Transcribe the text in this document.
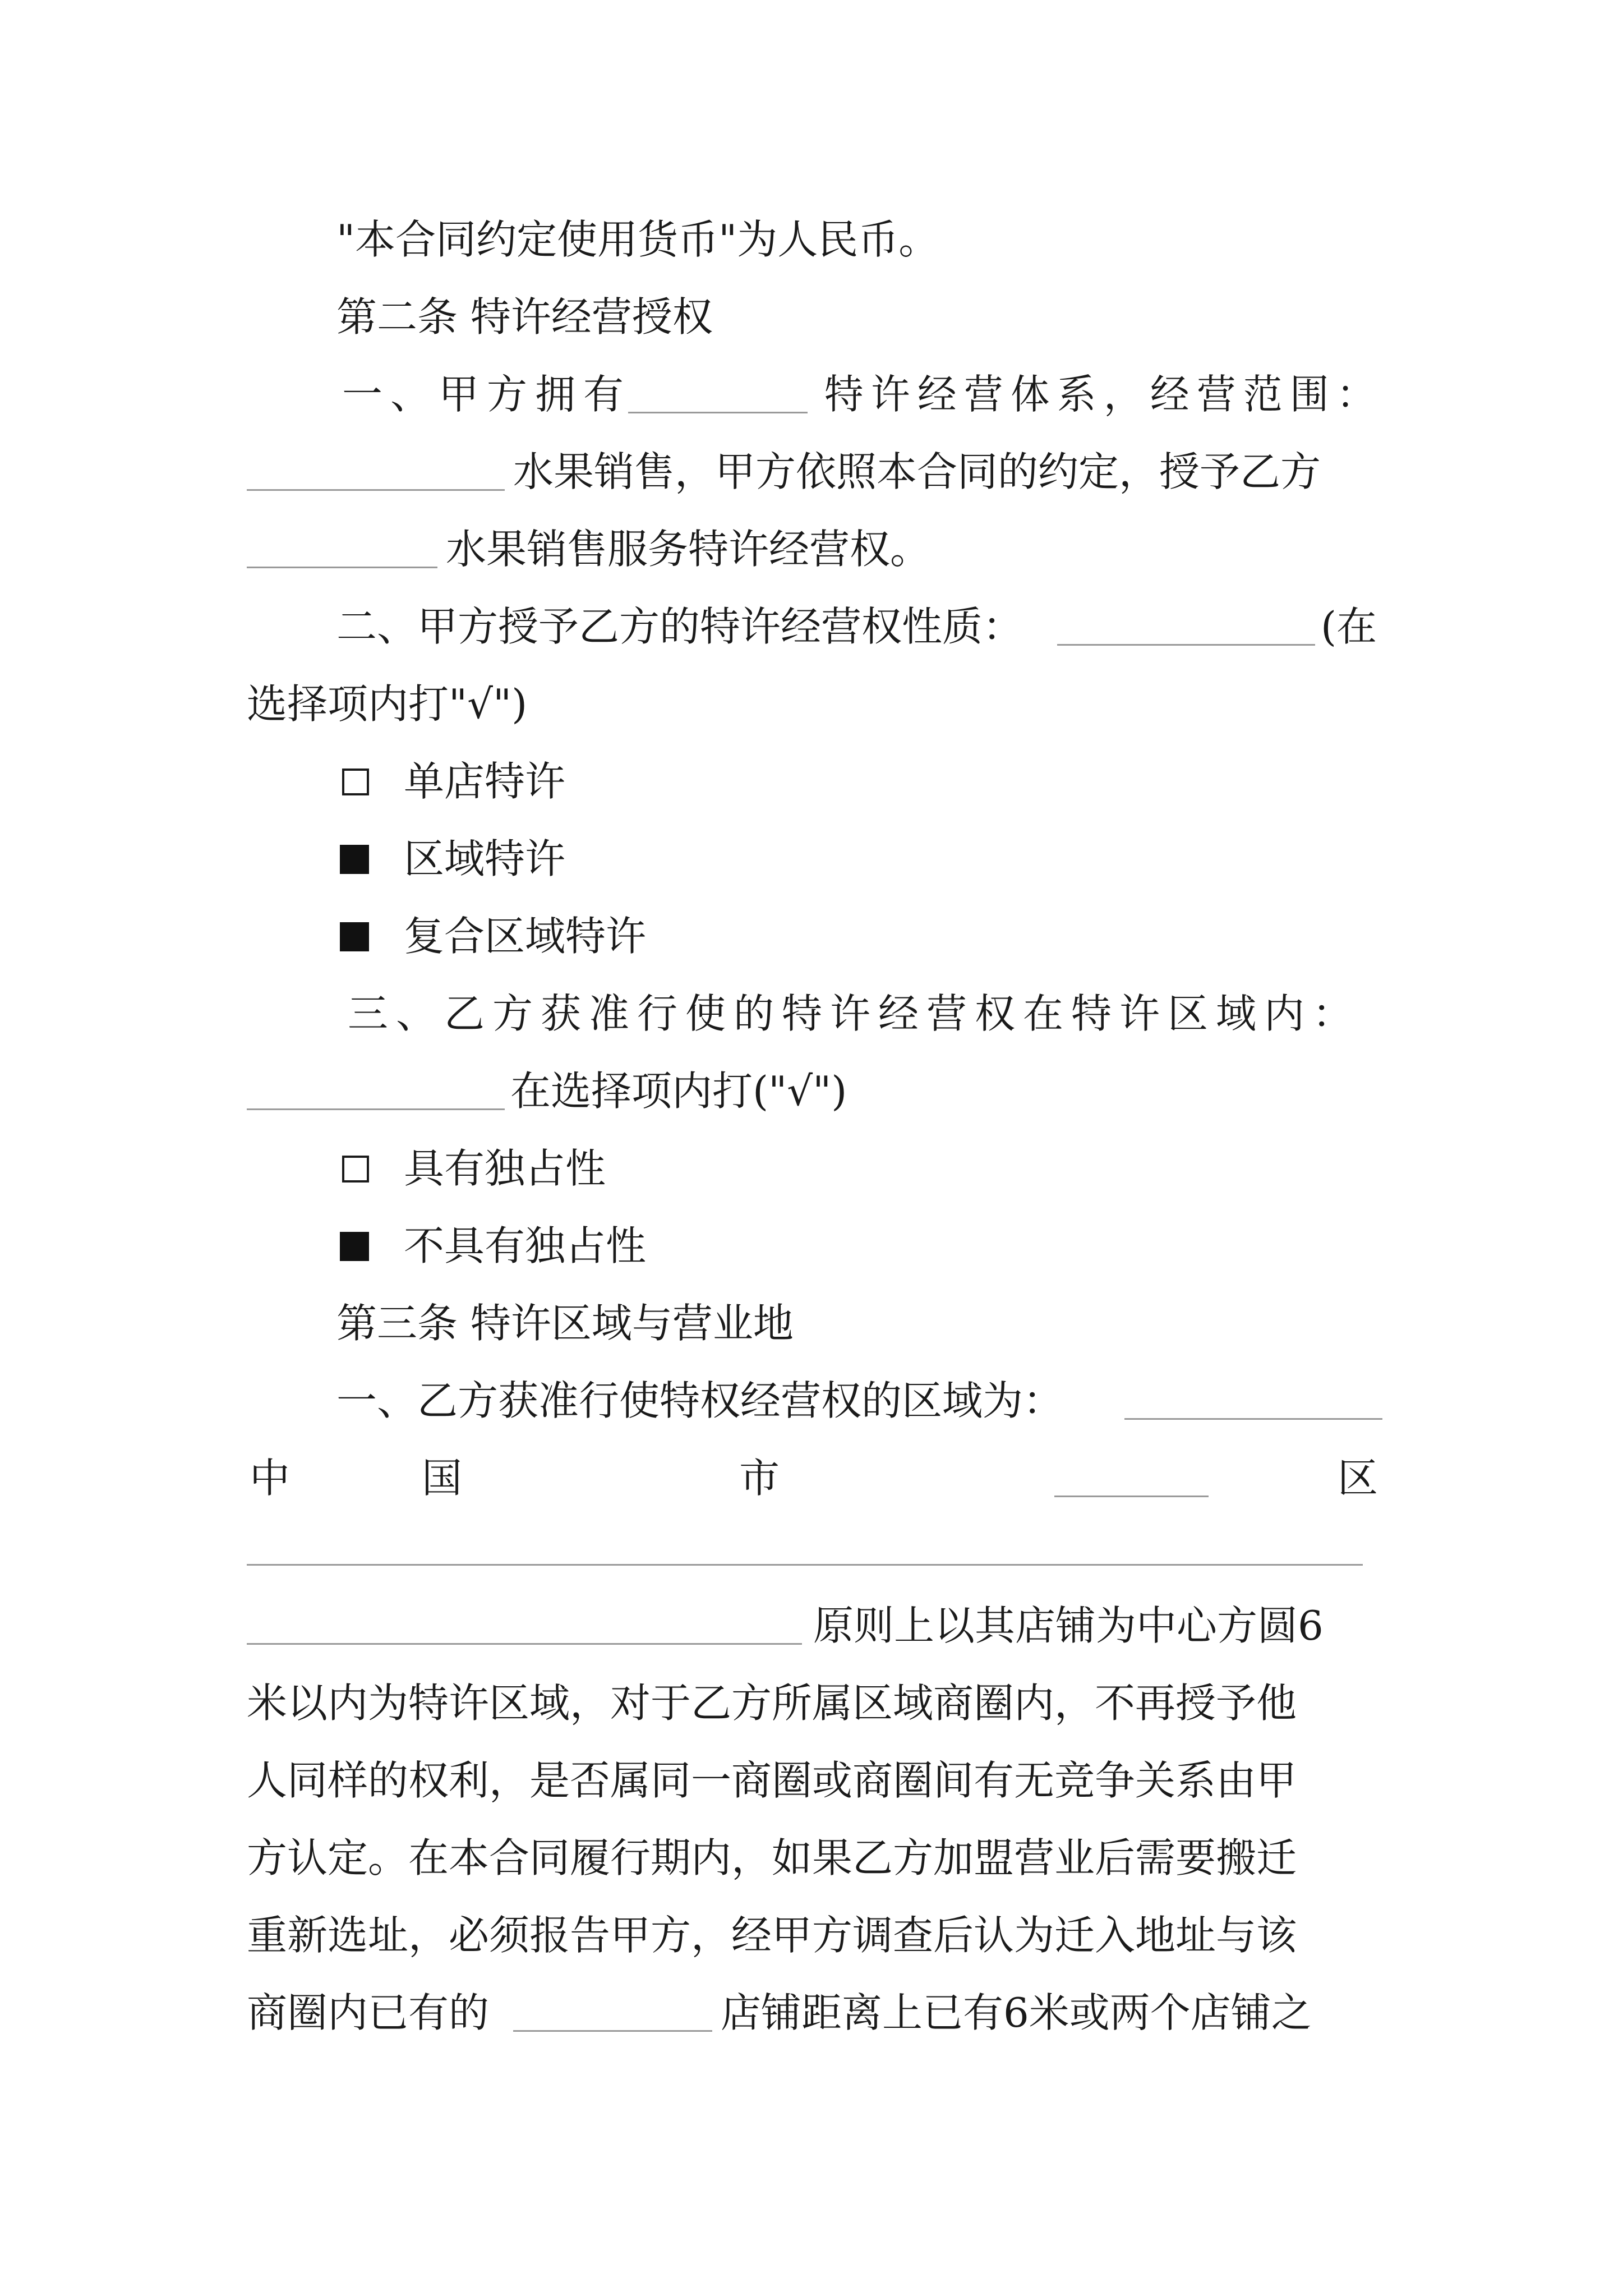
"本合同约定使用货币"为人民币。
第二条 特许经营授权
一、甲方拥有	特许经营体系，经营范围：
水果销售，甲方依照本合同的约定，授予乙方
水果销售服务特许经营权。
二、甲方授予乙方的特许经营权性质：	(在
选择项内打"√")
单店特许
区域特许
复合区域特许
三、乙方获准行使的特许经营权在特许区域内：
在选择项内打("√")
具有独占性
不具有独占性
第三条 特许区域与营业地
一、乙方获准行使特权经营权的区域为：
中	国	市	区
原则上以其店铺为中心方圆6
米以内为特许区域，对于乙方所属区域商圈内，不再授予他
人同样的权利，是否属同一商圈或商圈间有无竞争关系由甲
方认定。在本合同履行期内，如果乙方加盟营业后需要搬迁
重新选址，必须报告甲方，经甲方调查后认为迁入地址与该
商圈内已有的	店铺距离上已有6米或两个店铺之
